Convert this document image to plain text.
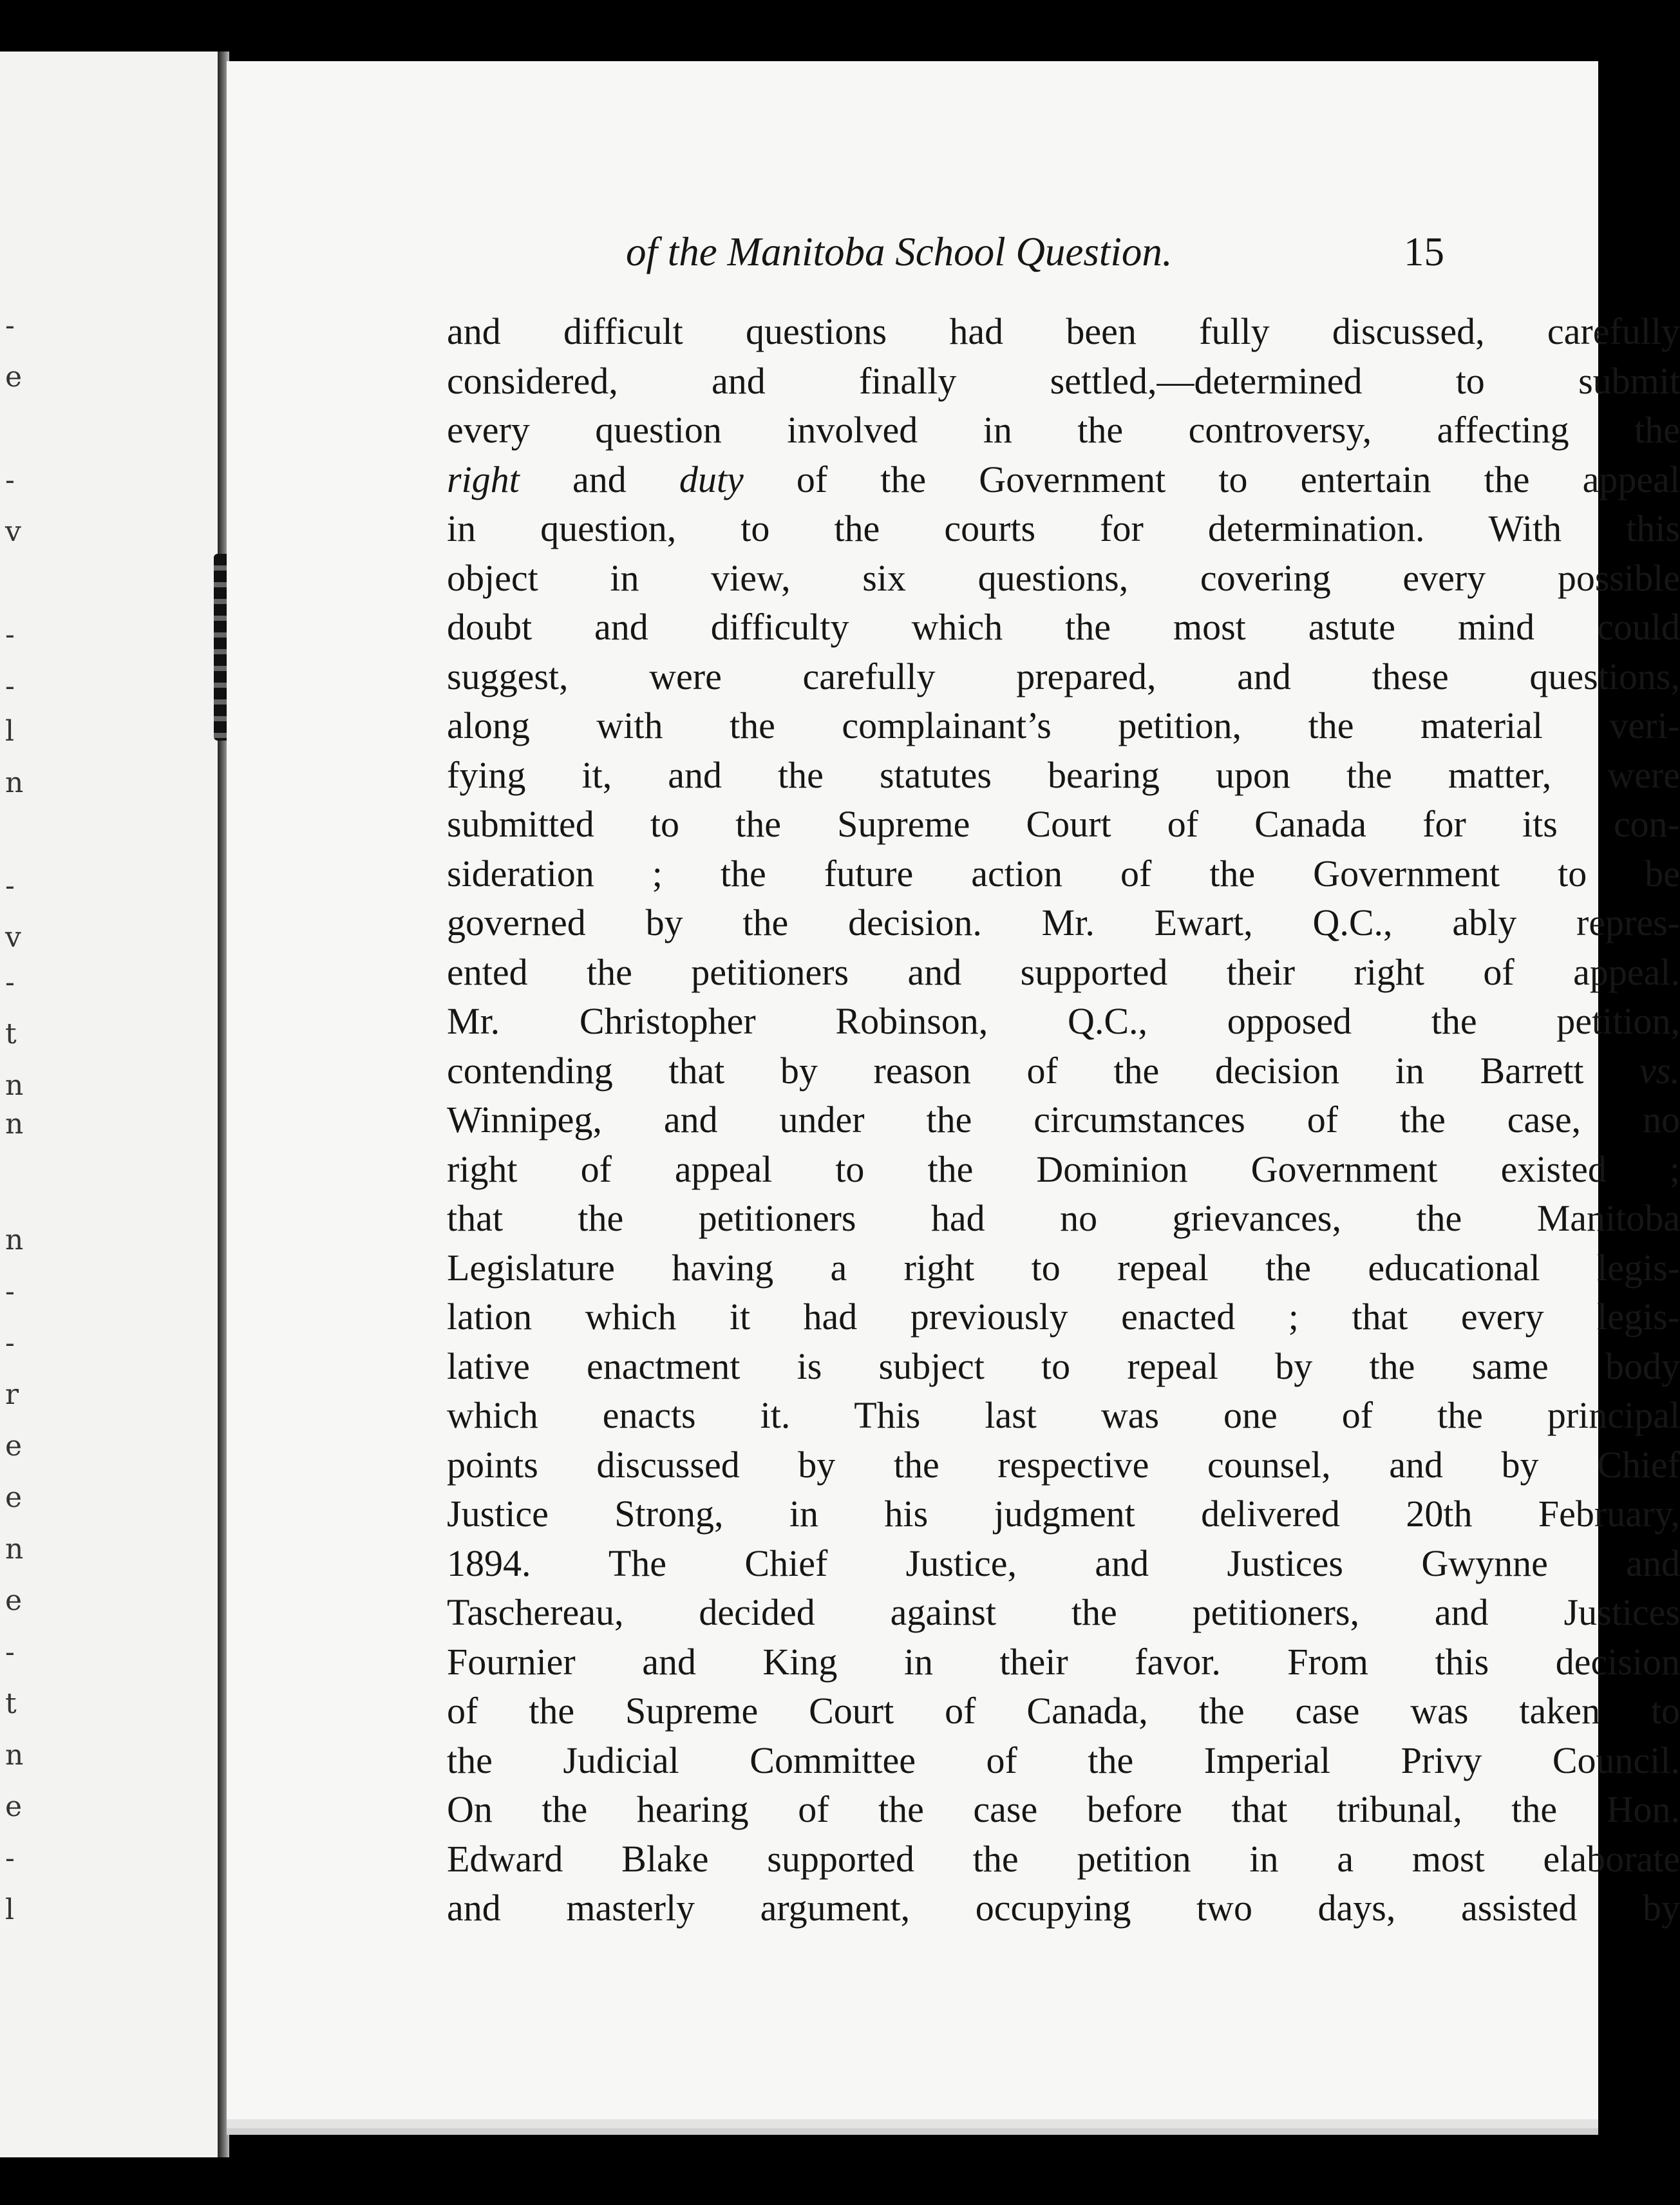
-
e
-
v
-
-
l
n
-
v
-
t
n
n
n
-
-
r
e
e
n
e
-
t
n
e
-
l
of the Manitoba School Question.	15
and difficult questions had been fully discussed, carefully
considered, and finally settled,—determined to submit
every question involved in the controversy, affecting the
right and duty of the Government to entertain the appeal
in question, to the courts for determination. With this
object in view, six questions, covering every possible
doubt and difficulty which the most astute mind could
suggest, were carefully prepared, and these questions,
along with the complainant’s petition, the material veri-
fying it, and the statutes bearing upon the matter, were
submitted to the Supreme Court of Canada for its con-
sideration ; the future action of the Government to be
governed by the decision. Mr. Ewart, Q.C., ably repres-
ented the petitioners and supported their right of appeal.
Mr. Christopher Robinson, Q.C., opposed the petition,
contending that by reason of the decision in Barrett vs.
Winnipeg, and under the circumstances of the case, no
right of appeal to the Dominion Government existed ;
that the petitioners had no grievances, the Manitoba
Legislature having a right to repeal the educational legis-
lation which it had previously enacted ; that every legis-
lative enactment is subject to repeal by the same body
which enacts it. This last was one of the principal
points discussed by the respective counsel, and by Chief
Justice Strong, in his judgment delivered 20th February,
1894. The Chief Justice, and Justices Gwynne and
Taschereau, decided against the petitioners, and Justices
Fournier and King in their favor. From this decision
of the Supreme Court of Canada, the case was taken to
the Judicial Committee of the Imperial Privy Council.
On the hearing of the case before that tribunal, the Hon.
Edward Blake supported the petition in a most elaborate
and masterly argument, occupying two days, assisted by
